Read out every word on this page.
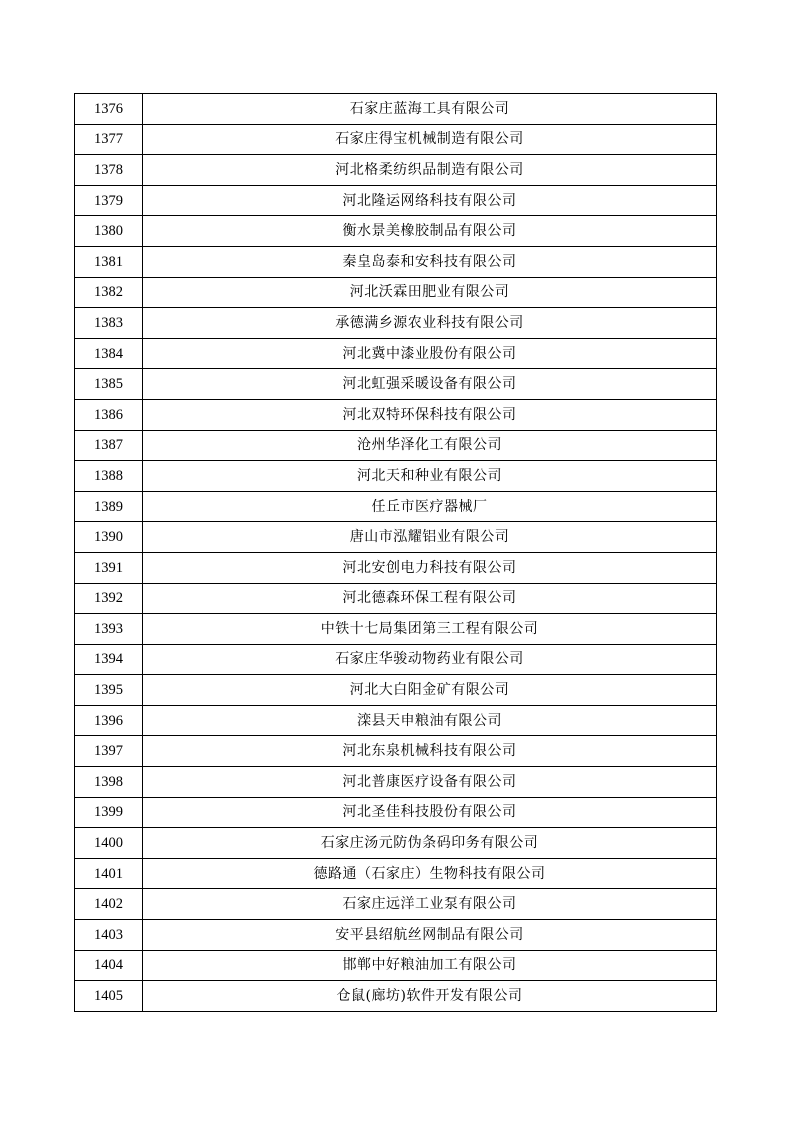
1376	石家庄蓝海工具有限公司
1377	石家庄得宝机械制造有限公司
1378	河北格柔纺织品制造有限公司
1379	河北隆运网络科技有限公司
1380	衡水景美橡胶制品有限公司
1381	秦皇岛泰和安科技有限公司
1382	河北沃霖田肥业有限公司
1383	承德满乡源农业科技有限公司
1384	河北冀中漆业股份有限公司
1385	河北虹强采暖设备有限公司
1386	河北双特环保科技有限公司
1387	沧州华泽化工有限公司
1388	河北天和种业有限公司
1389	任丘市医疗器械厂
1390	唐山市泓耀铝业有限公司
1391	河北安创电力科技有限公司
1392	河北德森环保工程有限公司
1393	中铁十七局集团第三工程有限公司
1394	石家庄华骏动物药业有限公司
1395	河北大白阳金矿有限公司
1396	滦县天申粮油有限公司
1397	河北东泉机械科技有限公司
1398	河北普康医疗设备有限公司
1399	河北圣佳科技股份有限公司
1400	石家庄汤元防伪条码印务有限公司
1401	德路通（石家庄）生物科技有限公司
1402	石家庄远洋工业泵有限公司
1403	安平县绍航丝网制品有限公司
1404	邯郸中好粮油加工有限公司
1405	仓鼠(廊坊)软件开发有限公司
